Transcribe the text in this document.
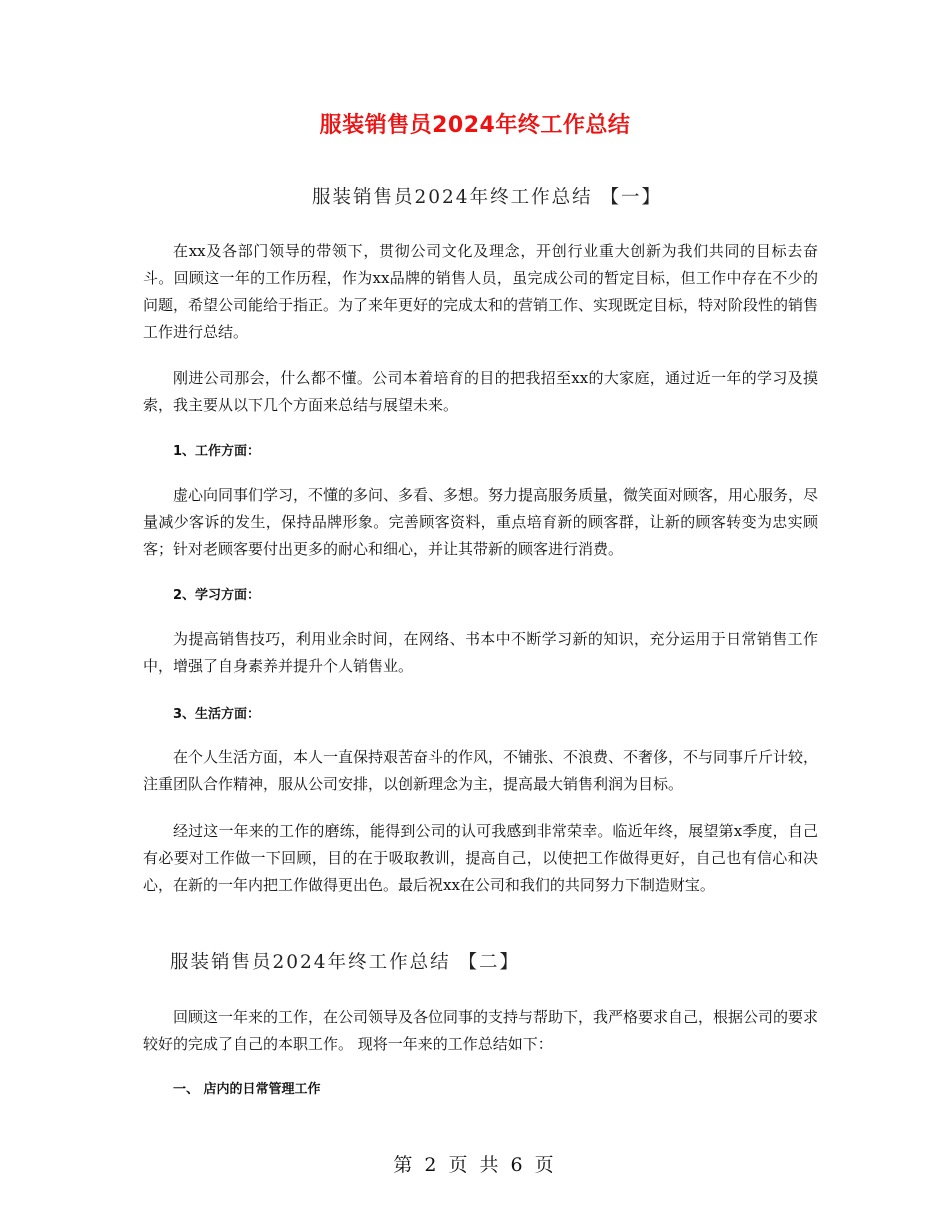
服装销售员2024年终工作总结
服装销售员2024年终工作总结 【一】

在xx及各部门领导的带领下，贯彻公司文化及理念，开创行业重大创新为我们共同的目标去奋斗。回顾这一年的工作历程，作为xx品牌的销售人员，虽完成公司的暂定目标，但工作中存在不少的问题，希望公司能给于指正。为了来年更好的完成太和的营销工作、实现既定目标，特对阶段性的销售工作进行总结。

刚进公司那会，什么都不懂。公司本着培育的目的把我招至xx的大家庭，通过近一年的学习及摸索，我主要从以下几个方面来总结与展望未来。

1、工作方面：

虚心向同事们学习，不懂的多问、多看、多想。努力提高服务质量，微笑面对顾客，用心服务，尽量减少客诉的发生，保持品牌形象。完善顾客资料，重点培育新的顾客群，让新的顾客转变为忠实顾客；针对老顾客要付出更多的耐心和细心，并让其带新的顾客进行消费。

2、学习方面：

为提高销售技巧，利用业余时间，在网络、书本中不断学习新的知识，充分运用于日常销售工作中，增强了自身素养并提升个人销售业。

3、生活方面：

在个人生活方面，本人一直保持艰苦奋斗的作风，不铺张、不浪费、不奢侈，不与同事斤斤计较，注重团队合作精神，服从公司安排，以创新理念为主，提高最大销售利润为目标。

经过这一年来的工作的磨练，能得到公司的认可我感到非常荣幸。临近年终，展望第x季度，自己有必要对工作做一下回顾，目的在于吸取教训，提高自己，以使把工作做得更好，自己也有信心和决心，在新的一年内把工作做得更出色。最后祝xx在公司和我们的共同努力下制造财宝。

服装销售员2024年终工作总结 【二】

回顾这一年来的工作，在公司领导及各位同事的支持与帮助下，我严格要求自己，根据公司的要求较好的完成了自己的本职工作。 现将一年来的工作总结如下：

一、 店内的日常管理工作
第 2 页 共 6 页
